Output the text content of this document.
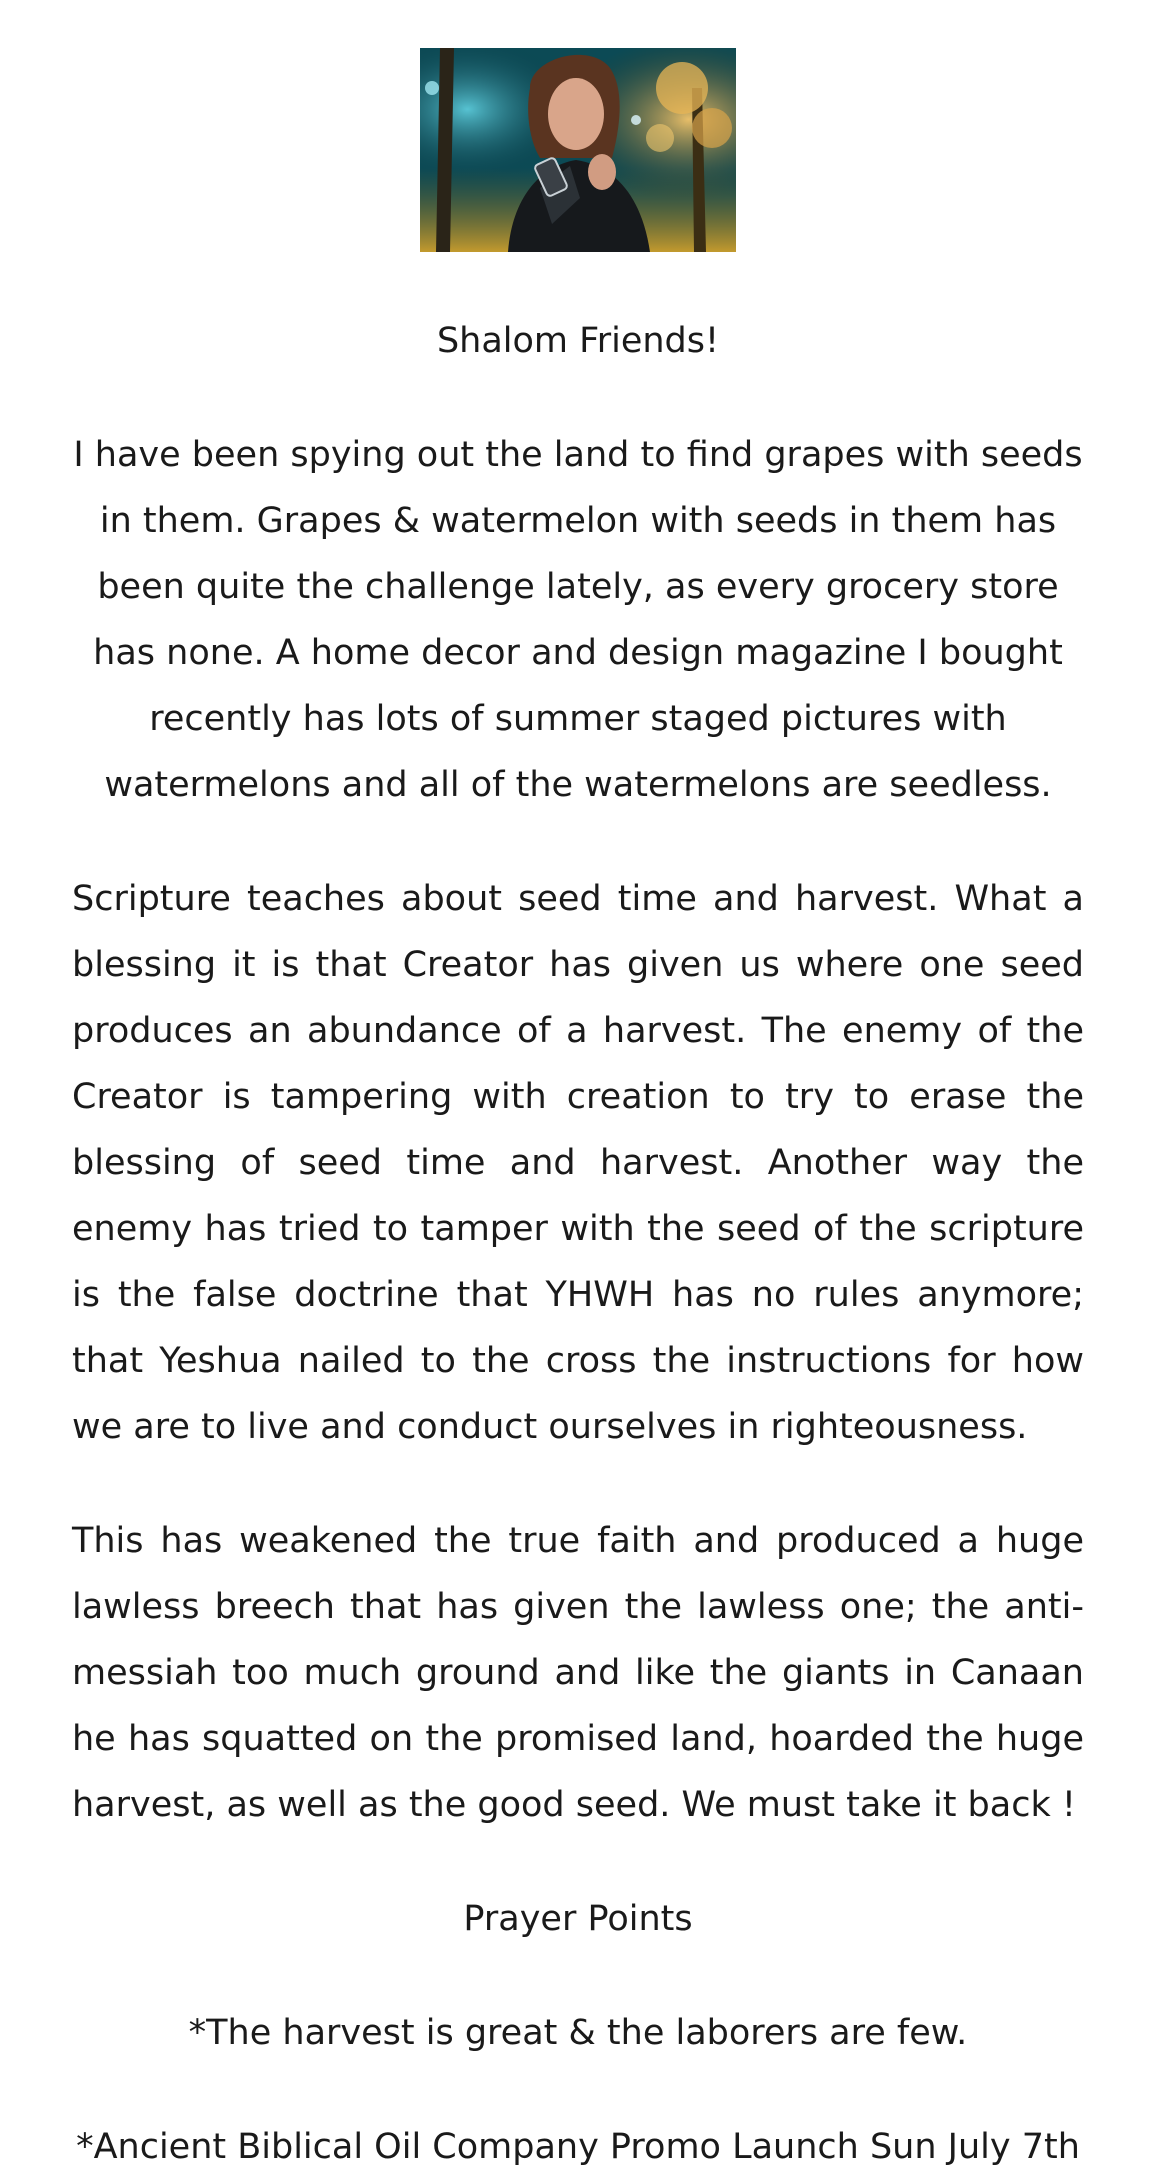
Shalom Friends!

I have been spying out the land to find grapes with seeds in them. Grapes & watermelon with seeds in them has been quite the challenge lately, as every grocery store has none. A home decor and design magazine I bought recently has lots of summer staged pictures with watermelons and all of the watermelons are seedless.

Scripture teaches about seed time and harvest. What a blessing it is that Creator has given us where one seed produces an abundance of a harvest. The enemy of the Creator is tampering with creation to try to erase the blessing of seed time and harvest. Another way the enemy has tried to tamper with the seed of the scripture is the false doctrine that YHWH has no rules anymore; that Yeshua nailed to the cross the instructions for how we are to live and conduct ourselves in righteousness.

This has weakened the true faith and produced a huge lawless breech that has given the lawless one; the anti-messiah too much ground and like the giants in Canaan he has squatted on the promised land, hoarded the huge harvest, as well as the good seed. We must take it back !

Prayer Points

*The harvest is great & the laborers are few.

*Ancient Biblical Oil Company Promo Launch Sun July 7th
